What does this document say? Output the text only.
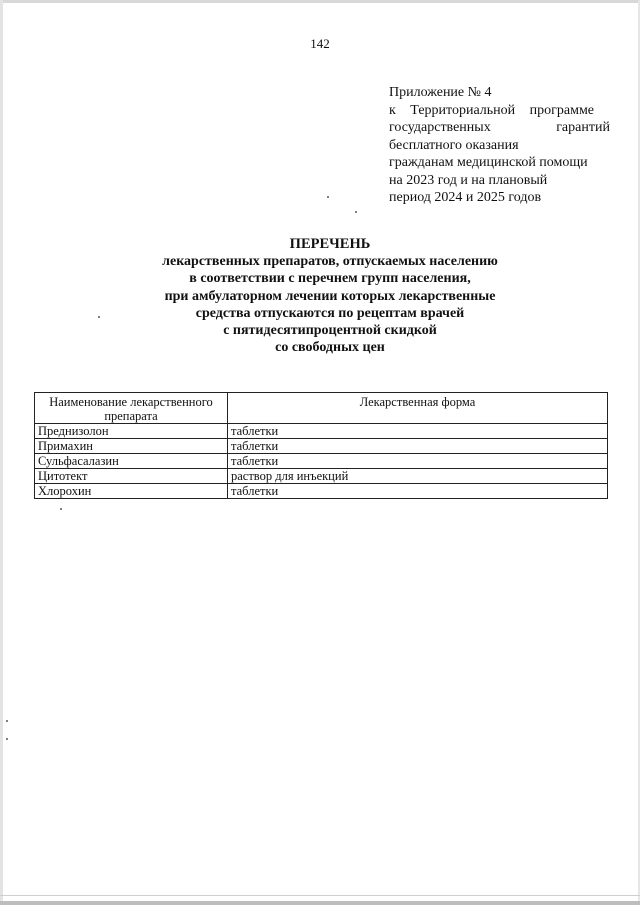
142
Приложение № 4
к Территориальной программе
государственных гарантий
бесплатного оказания
гражданам медицинской помощи
на 2023 год и на плановый
период 2024 и 2025 годов
ПЕРЕЧЕНЬ
лекарственных препаратов, отпускаемых населению
в соответствии с перечнем групп населения,
при амбулаторном лечении которых лекарственные
средства отпускаются по рецептам врачей
с пятидесятипроцентной скидкой
со свободных цен
Наименование лекарственного препарата	Лекарственная форма
Преднизолон	таблетки
Примахин	таблетки
Сульфасалазин	таблетки
Цитотект	раствор для инъекций
Хлорохин	таблетки
